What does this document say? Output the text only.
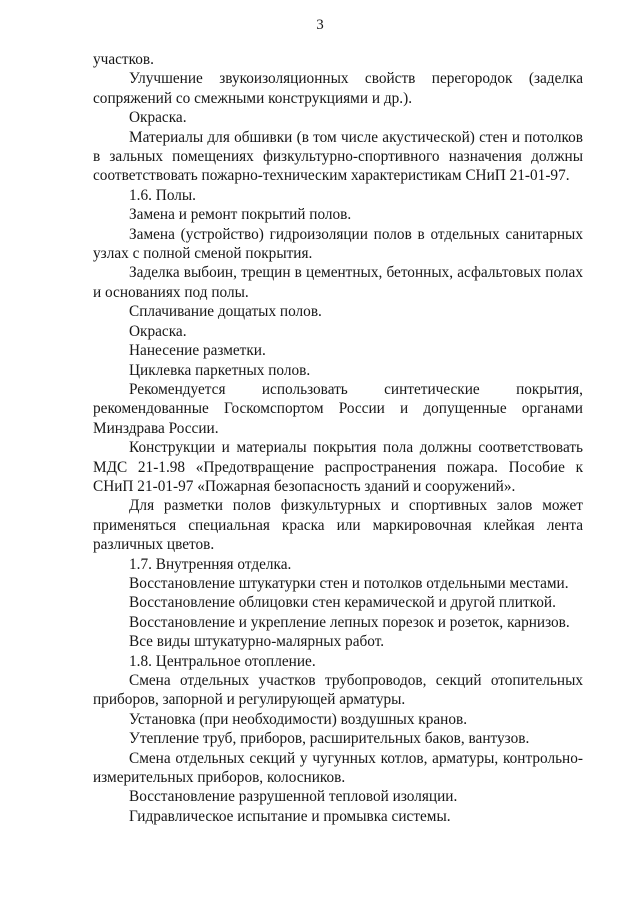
3

участков.

Улучшение звукоизоляционных свойств перегородок (заделка сопряжений со смежными конструкциями и др.).

Окраска.

Материалы для обшивки (в том числе акустической) стен и потолков в зальных помещениях физкультурно-спортивного назначения должны соответствовать пожарно-техническим характеристикам СНиП 21-01-97.

1.6. Полы.

Замена и ремонт покрытий полов.

Замена (устройство) гидроизоляции полов в отдельных санитарных узлах с полной сменой покрытия.

Заделка выбоин, трещин в цементных, бетонных, асфальтовых полах и основаниях под полы.

Сплачивание дощатых полов.

Окраска.

Нанесение разметки.

Циклевка паркетных полов.

Рекомендуется использовать синтетические покрытия, рекомендованные Госкомспортом России и допущенные органами Минздрава России.

Конструкции и материалы покрытия пола должны соответствовать МДС 21-1.98 «Предотвращение распространения пожара. Пособие к СНиП 21-01-97 «Пожарная безопасность зданий и сооружений».

Для разметки полов физкультурных и спортивных залов может применяться специальная краска или маркировочная клейкая лента различных цветов.

1.7. Внутренняя отделка.

Восстановление штукатурки стен и потолков отдельными местами.

Восстановление облицовки стен керамической и другой плиткой.

Восстановление и укрепление лепных порезок и розеток, карнизов.

Все виды штукатурно-малярных работ.

1.8. Центральное отопление.

Смена отдельных участков трубопроводов, секций отопительных приборов, запорной и регулирующей арматуры.

Установка (при необходимости) воздушных кранов.

Утепление труб, приборов, расширительных баков, вантузов.

Смена отдельных секций у чугунных котлов, арматуры, контрольно-измерительных приборов, колосников.

Восстановление разрушенной тепловой изоляции.

Гидравлическое испытание и промывка системы.
